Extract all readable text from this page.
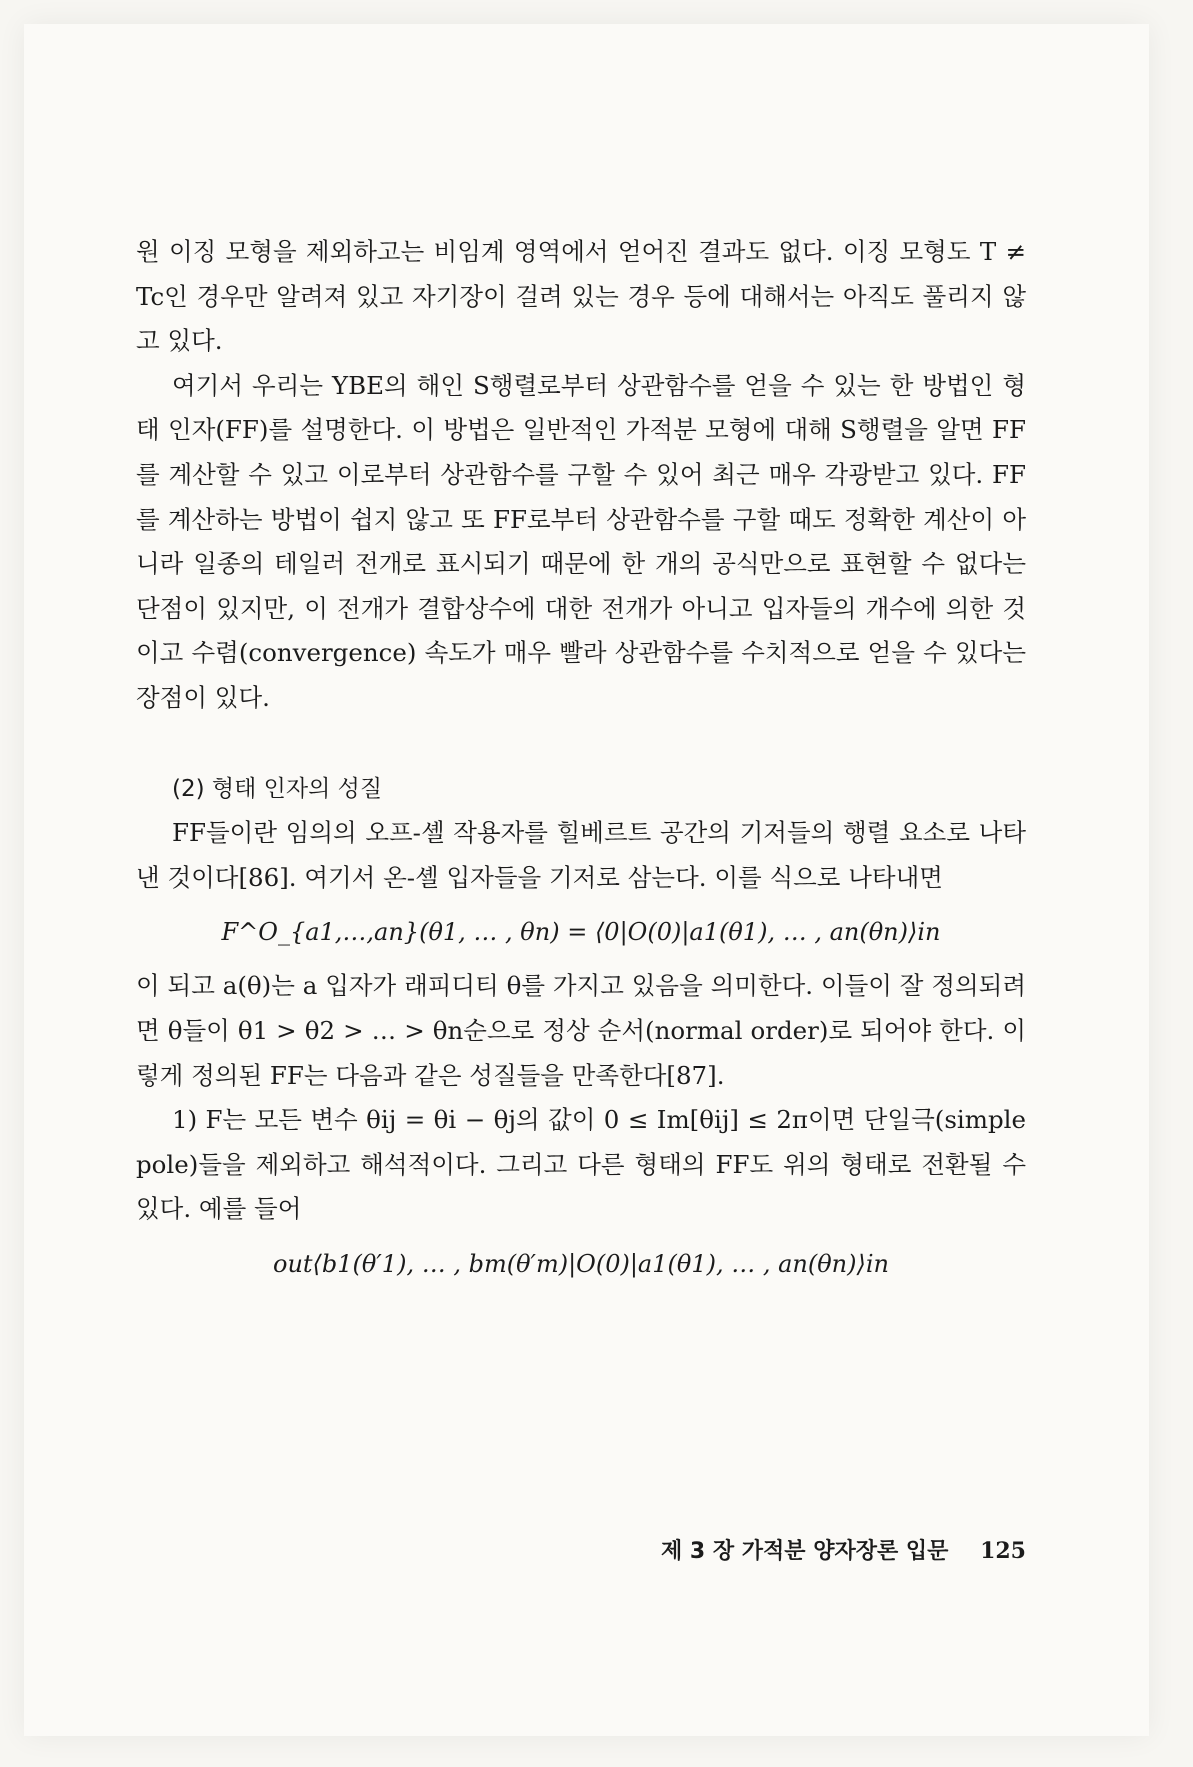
원 이징 모형을 제외하고는 비임계 영역에서 얻어진 결과도 없다. 이징 모형도 T ≠ Tc인 경우만 알려져 있고 자기장이 걸려 있는 경우 등에 대해서는 아직도 풀리지 않고 있다.

여기서 우리는 YBE의 해인 S행렬로부터 상관함수를 얻을 수 있는 한 방법인 형태 인자(FF)를 설명한다. 이 방법은 일반적인 가적분 모형에 대해 S행렬을 알면 FF를 계산할 수 있고 이로부터 상관함수를 구할 수 있어 최근 매우 각광받고 있다. FF를 계산하는 방법이 쉽지 않고 또 FF로부터 상관함수를 구할 때도 정확한 계산이 아니라 일종의 테일러 전개로 표시되기 때문에 한 개의 공식만으로 표현할 수 없다는 단점이 있지만, 이 전개가 결합상수에 대한 전개가 아니고 입자들의 개수에 의한 것이고 수렴(convergence) 속도가 매우 빨라 상관함수를 수치적으로 얻을 수 있다는 장점이 있다.

(2) 형태 인자의 성질

FF들이란 임의의 오프-셸 작용자를 힐베르트 공간의 기저들의 행렬 요소로 나타낸 것이다[86]. 여기서 온-셸 입자들을 기저로 삼는다. 이를 식으로 나타내면

F^O_{a1,…,an}(θ1, … , θn) = ⟨0|O(0)|a1(θ1), … , an(θn)⟩in

이 되고 a(θ)는 a 입자가 래피디티 θ를 가지고 있음을 의미한다. 이들이 잘 정의되려면 θ들이 θ1 > θ2 > … > θn순으로 정상 순서(normal order)로 되어야 한다. 이렇게 정의된 FF는 다음과 같은 성질들을 만족한다[87].

1) F는 모든 변수 θij = θi − θj의 값이 0 ≤ Im[θij] ≤ 2π이면 단일극(simple pole)들을 제외하고 해석적이다. 그리고 다른 형태의 FF도 위의 형태로 전환될 수 있다. 예를 들어

out⟨b1(θ′1), … , bm(θ′m)|O(0)|a1(θ1), … , an(θn)⟩in
제 3 장 가적분 양자장론 입문 125
